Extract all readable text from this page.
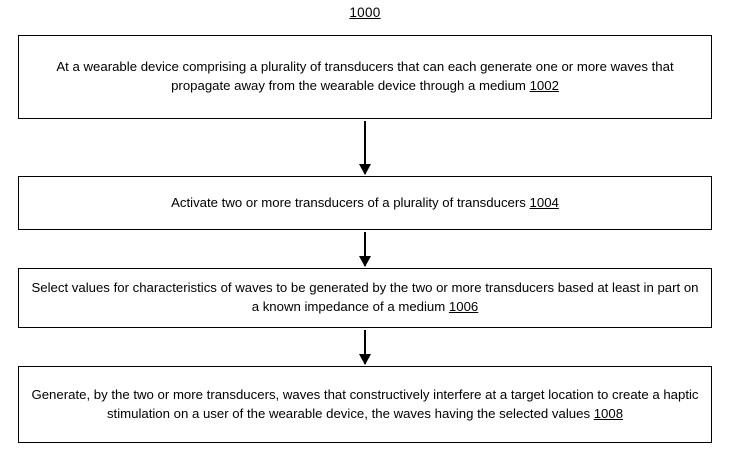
1000
At a wearable device comprising a plurality of transducers that can each generate one or more waves that propagate away from the wearable device through a medium 1002
Activate two or more transducers of a plurality of transducers 1004
Select values for characteristics of waves to be generated by the two or more transducers based at least in part on a known impedance of a medium 1006
Generate, by the two or more transducers, waves that constructively interfere at a target location to create a haptic stimulation on a user of the wearable device, the waves having the selected values 1008
